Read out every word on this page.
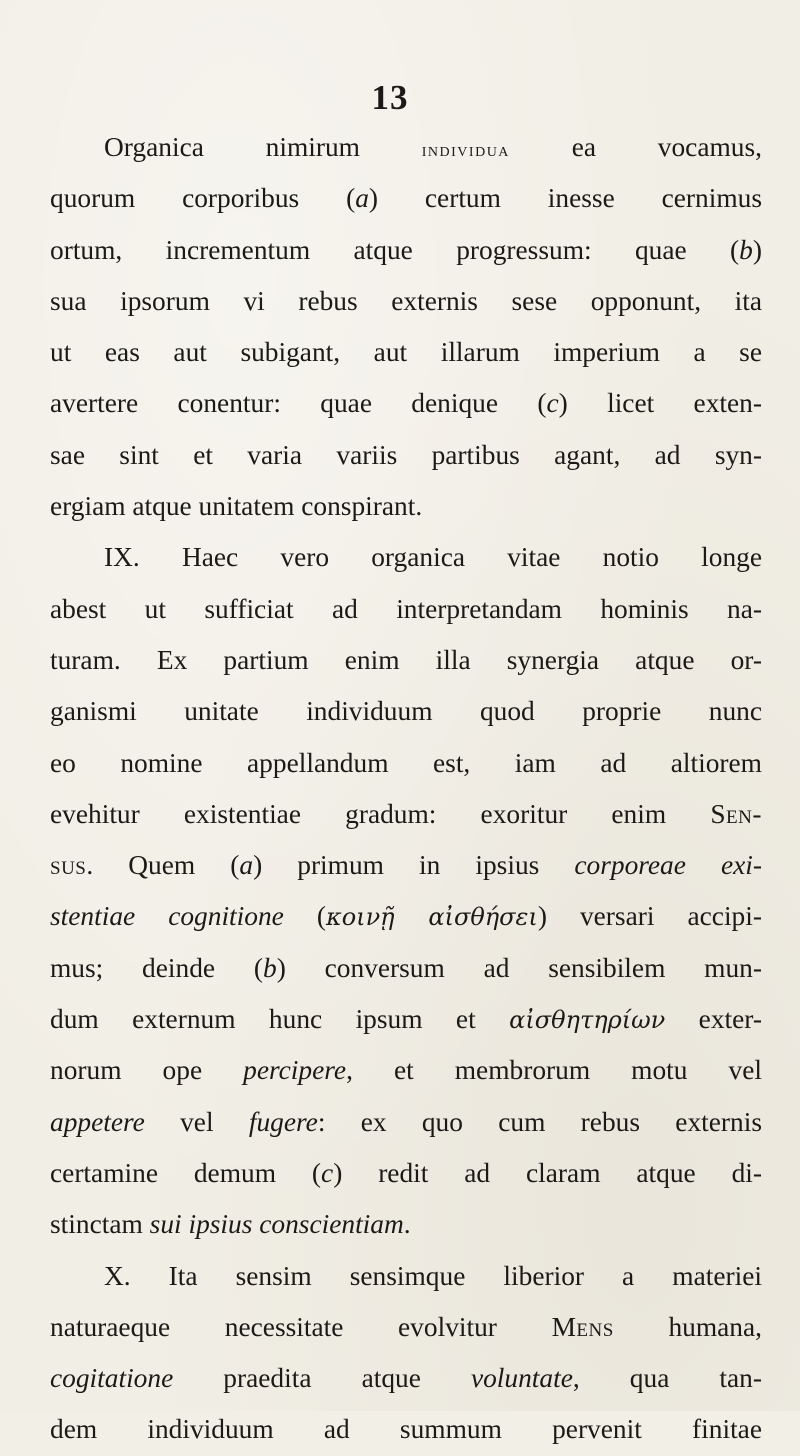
13
Organica nimirum individua ea vocamus,
quorum corporibus (a) certum inesse cernimus
ortum, incrementum atque progressum: quae (b)
sua ipsorum vi rebus externis sese opponunt, ita
ut eas aut subigant, aut illarum imperium a se
avertere conentur: quae denique (c) licet exten-
sae sint et varia variis partibus agant, ad syn-
ergiam atque unitatem conspirant.
IX. Haec vero organica vitae notio longe
abest ut sufficiat ad interpretandam hominis na-
turam. Ex partium enim illa synergia atque or-
ganismi unitate individuum quod proprie nunc
eo nomine appellandum est, iam ad altiorem
evehitur existentiae gradum: exoritur enim Sen-
sus. Quem (a) primum in ipsius corporeae exi-
stentiae cognitione (κοινῇ αἰσθήσει) versari accipi-
mus; deinde (b) conversum ad sensibilem mun-
dum externum hunc ipsum et αἰσθητηρίων exter-
norum ope percipere, et membrorum motu vel
appetere vel fugere: ex quo cum rebus externis
certamine demum (c) redit ad claram atque di-
stinctam sui ipsius conscientiam.
X. Ita sensim sensimque liberior a materiei
naturaeque necessitate evolvitur Mens humana,
cogitatione praedita atque voluntate, qua tan-
dem individuum ad summum pervenit finitae
